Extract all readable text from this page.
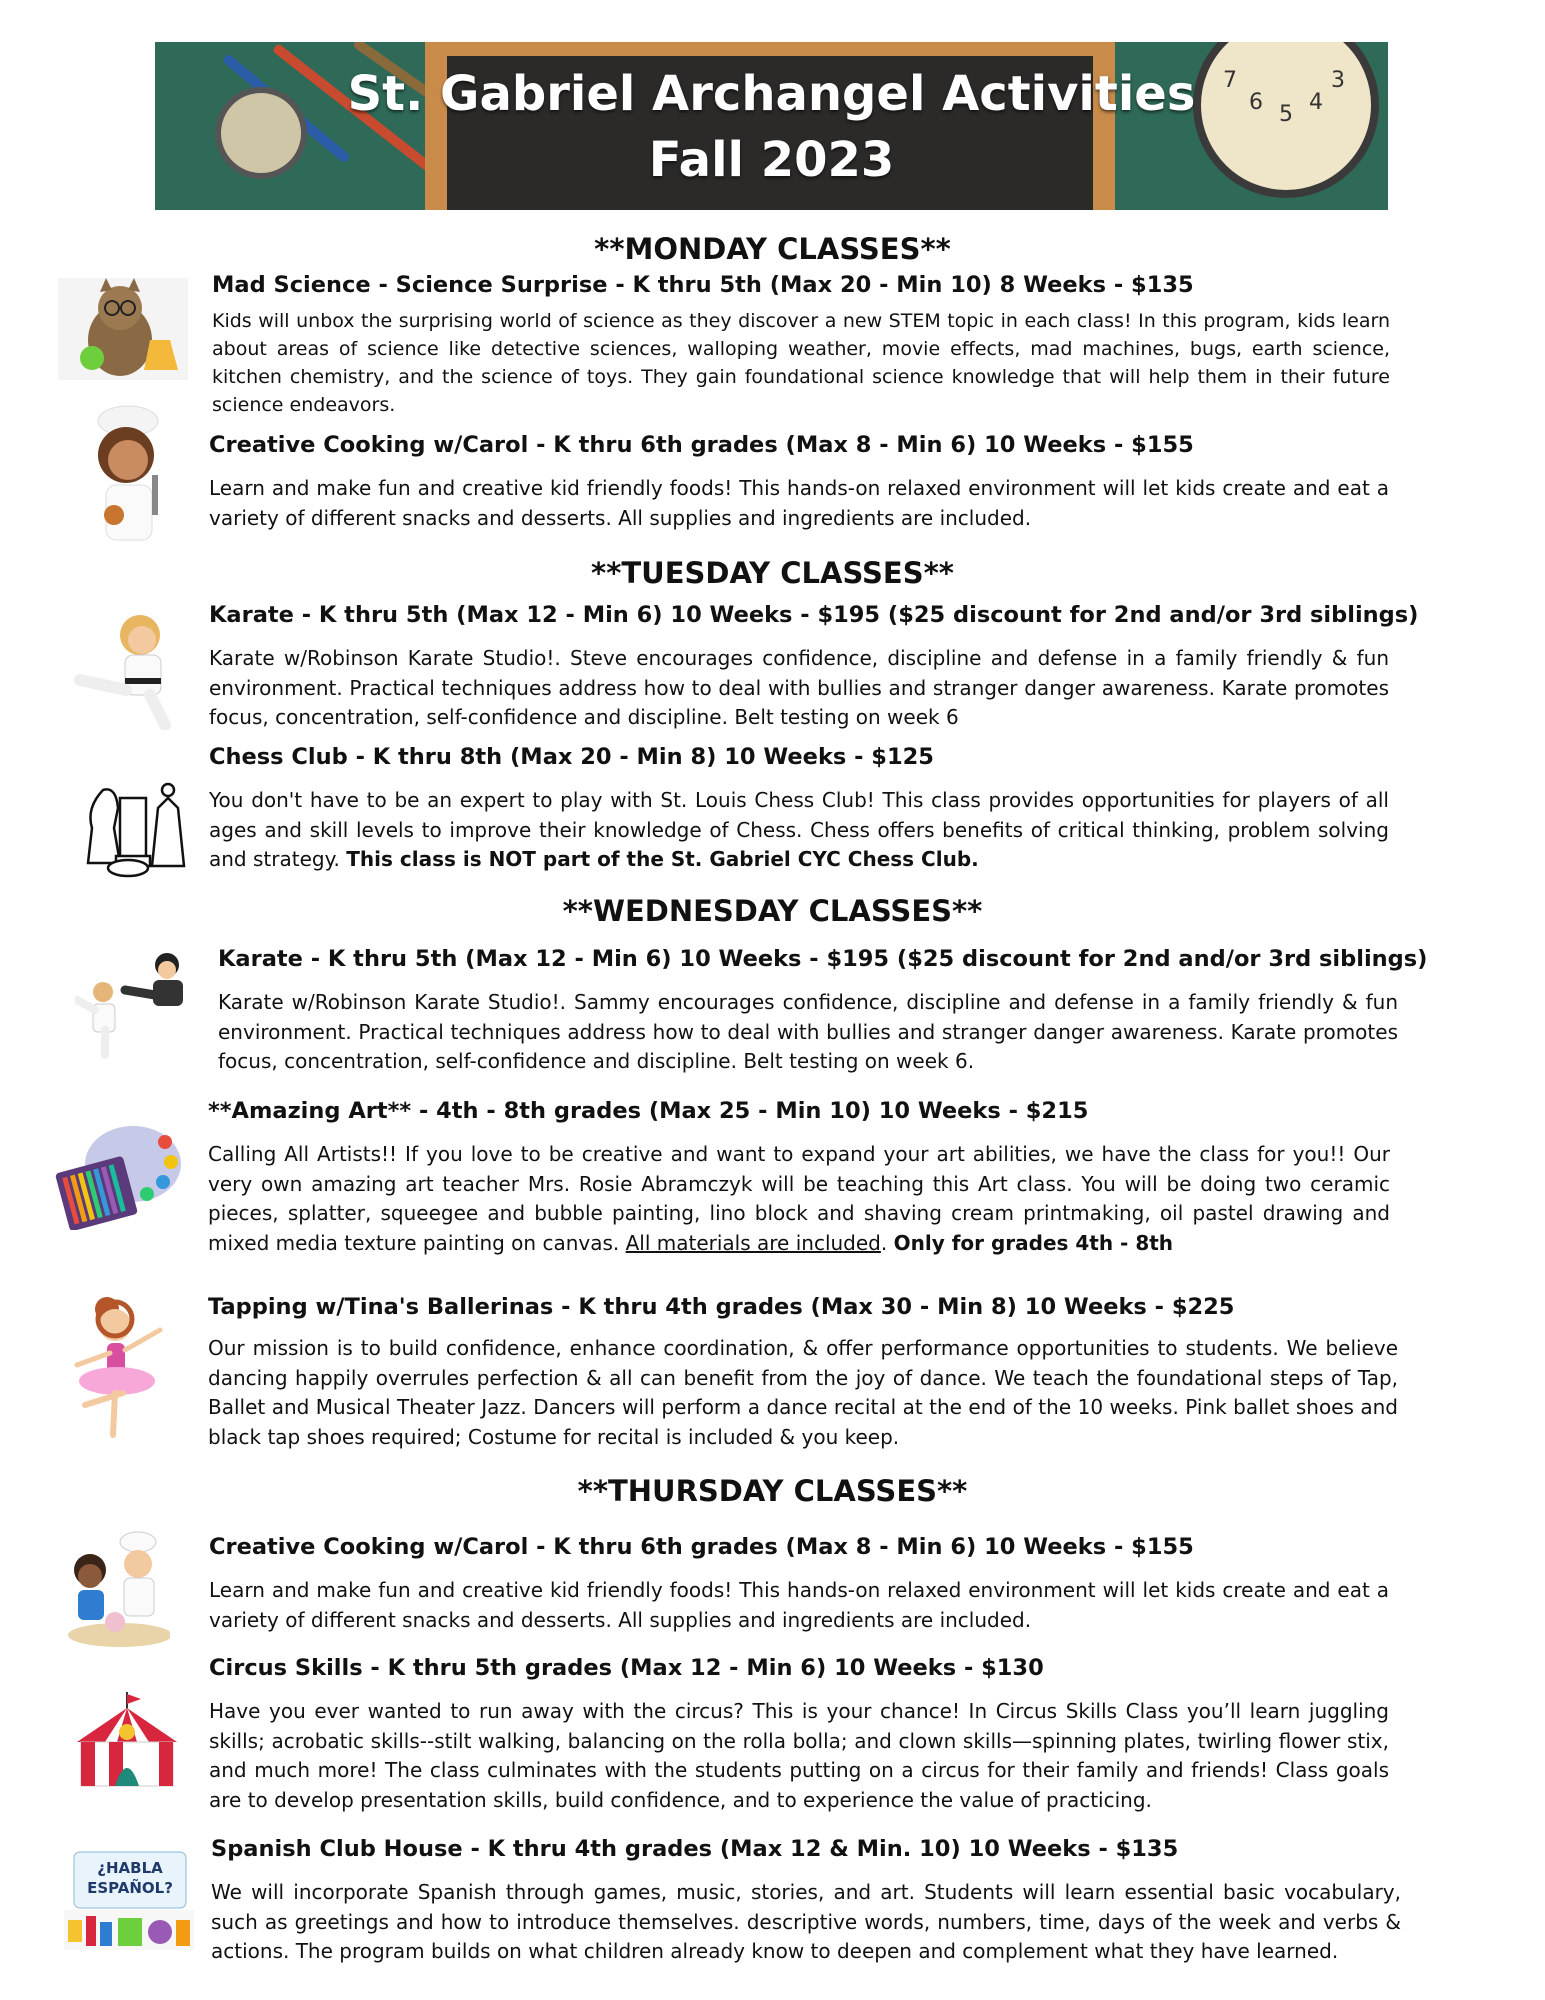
7
6 5 4
3
St. Gabriel Archangel Activities
Fall 2023
**MONDAY CLASSES**
Mad Science - Science Surprise - K thru 5th (Max 20 - Min 10) 8 Weeks - $135
Kids will unbox the surprising world of science as they discover a new STEM topic in each class! In this program, kids learn about areas of science like detective sciences, walloping weather, movie effects, mad machines, bugs, earth science, kitchen chemistry, and the science of toys. They gain foundational science knowledge that will help them in their future science endeavors.
Creative Cooking w/Carol - K thru 6th grades (Max 8 - Min 6) 10 Weeks - $155
Learn and make fun and creative kid friendly foods! This hands-on relaxed environment will let kids create and eat a variety of different snacks and desserts. All supplies and ingredients are included.
**TUESDAY CLASSES**
Karate - K thru 5th (Max 12 - Min 6) 10 Weeks - $195 ($25 discount for 2nd and/or 3rd siblings)
Karate w/Robinson Karate Studio!. Steve encourages confidence, discipline and defense in a family friendly & fun environment. Practical techniques address how to deal with bullies and stranger danger awareness. Karate promotes focus, concentration, self-confidence and discipline. Belt testing on week 6
Chess Club - K thru 8th (Max 20 - Min 8) 10 Weeks - $125
You don't have to be an expert to play with St. Louis Chess Club! This class provides opportunities for players of all ages and skill levels to improve their knowledge of Chess. Chess offers benefits of critical thinking, problem solving and strategy. This class is NOT part of the St. Gabriel CYC Chess Club.
**WEDNESDAY CLASSES**
Karate - K thru 5th (Max 12 - Min 6) 10 Weeks - $195 ($25 discount for 2nd and/or 3rd siblings)
Karate w/Robinson Karate Studio!. Sammy encourages confidence, discipline and defense in a family friendly & fun environment. Practical techniques address how to deal with bullies and stranger danger awareness. Karate promotes focus, concentration, self-confidence and discipline. Belt testing on week 6.
**Amazing Art** - 4th - 8th grades (Max 25 - Min 10) 10 Weeks - $215
Calling All Artists!! If you love to be creative and want to expand your art abilities, we have the class for you!! Our very own amazing art teacher Mrs. Rosie Abramczyk will be teaching this Art class. You will be doing two ceramic pieces, splatter, squeegee and bubble painting, lino block and shaving cream printmaking, oil pastel drawing and mixed media texture painting on canvas. All materials are included. Only for grades 4th - 8th
Tapping w/Tina's Ballerinas - K thru 4th grades (Max 30 - Min 8) 10 Weeks - $225
Our mission is to build confidence, enhance coordination, & offer performance opportunities to students. We believe dancing happily overrules perfection & all can benefit from the joy of dance. We teach the foundational steps of Tap, Ballet and Musical Theater Jazz. Dancers will perform a dance recital at the end of the 10 weeks. Pink ballet shoes and black tap shoes required; Costume for recital is included & you keep.
**THURSDAY CLASSES**
Creative Cooking w/Carol - K thru 6th grades (Max 8 - Min 6) 10 Weeks - $155
Learn and make fun and creative kid friendly foods! This hands-on relaxed environment will let kids create and eat a variety of different snacks and desserts. All supplies and ingredients are included.
Circus Skills - K thru 5th grades (Max 12 - Min 6) 10 Weeks - $130
Have you ever wanted to run away with the circus? This is your chance! In Circus Skills Class you’ll learn juggling skills; acrobatic skills--stilt walking, balancing on the rolla bolla; and clown skills—spinning plates, twirling flower stix, and much more! The class culminates with the students putting on a circus for their family and friends! Class goals are to develop presentation skills, build confidence, and to experience the value of practicing.
¿HABLA
ESPAÑOL?
Spanish Club House - K thru 4th grades (Max 12 & Min. 10) 10 Weeks - $135
We will incorporate Spanish through games, music, stories, and art. Students will learn essential basic vocabulary, such as greetings and how to introduce themselves. descriptive words, numbers, time, days of the week and verbs & actions. The program builds on what children already know to deepen and complement what they have learned.
